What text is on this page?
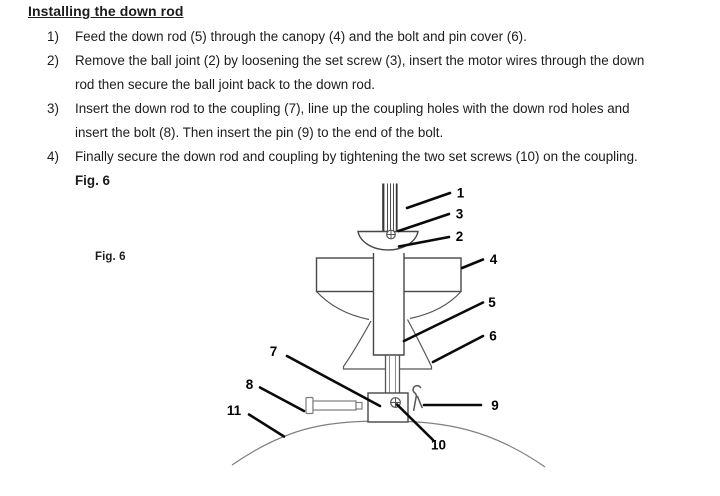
Installing the down rod
1)	Feed the down rod (5) through the canopy (4) and the bolt and pin cover (6).
2)	Remove the ball joint (2) by loosening the set screw (3), insert the motor wires through the down
rod then secure the ball joint back to the down rod.
3)	Insert the down rod to the coupling (7), line up the coupling holes with the down rod holes and
insert the bolt (8). Then insert the pin (9) to the end of the bolt.
4)	Finally secure the down rod and coupling by tightening the two set screws (10) on the coupling.
Fig. 6
Fig. 6
1
3
2
4
5
6
7
8
11	9
10
